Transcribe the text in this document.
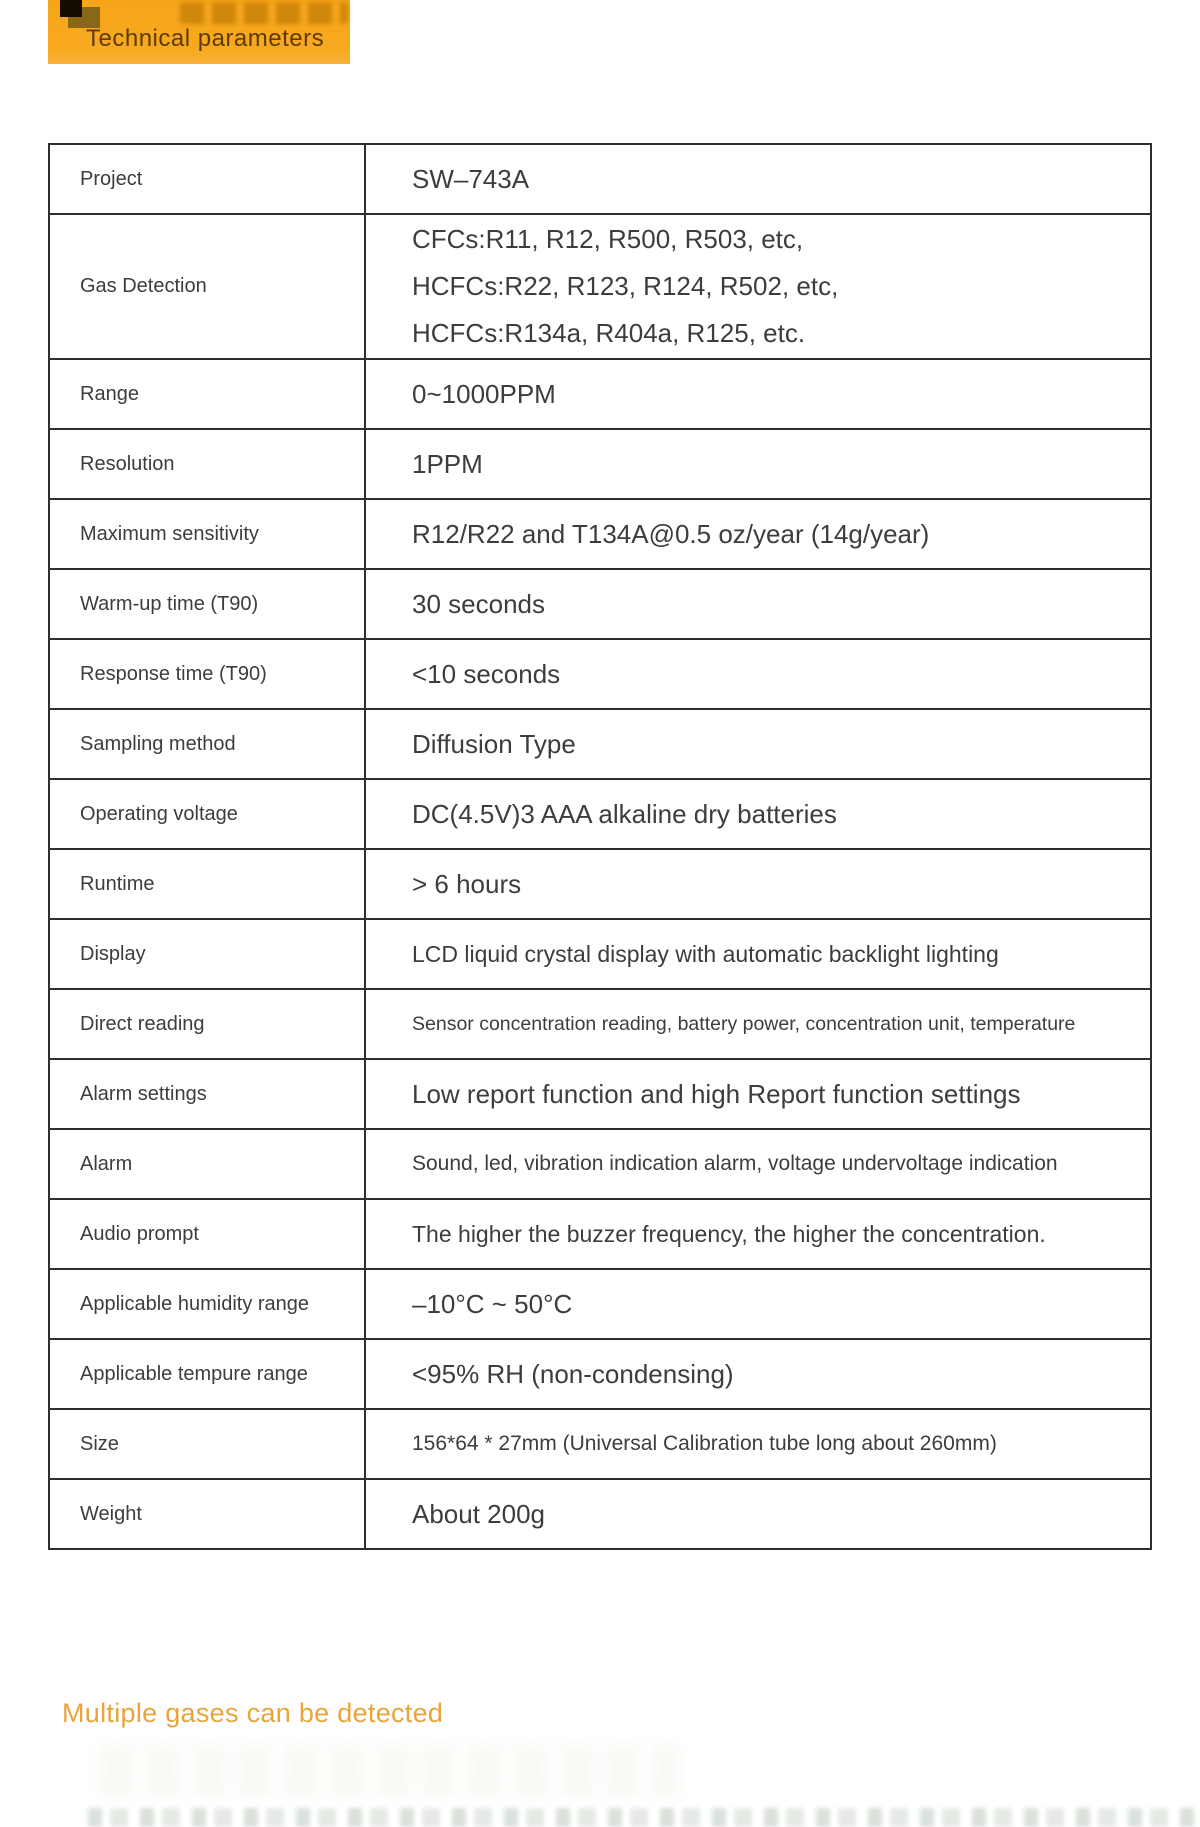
Technical parameters
Project	SW–743A
Gas Detection	CFCs:R11, R12, R500, R503, etc,
HCFCs:R22, R123, R124, R502, etc,
HCFCs:R134a, R404a, R125, etc.

Range	0~1000PPM
Resolution	1PPM
Maximum sensitivity	R12/R22 and T134A@0.5 oz/year (14g/year)
Warm-up time (T90)	30 seconds
Response time (T90)	<10 seconds
Sampling method	Diffusion Type
Operating voltage	DC(4.5V)3 AAA alkaline dry batteries
Runtime	> 6 hours
Display	LCD liquid crystal display with automatic backlight lighting
Direct reading	Sensor concentration reading, battery power, concentration unit, temperature
Alarm settings	Low report function and high Report function settings
Alarm	Sound, led, vibration indication alarm, voltage undervoltage indication
Audio prompt	The higher the buzzer frequency, the higher the concentration.
Applicable humidity range	–10°C ~ 50°C
Applicable tempure range	<95% RH (non-condensing)
Size	156*64 * 27mm (Universal Calibration tube long about 260mm)
Weight	About 200g
Multiple gases can be detected
